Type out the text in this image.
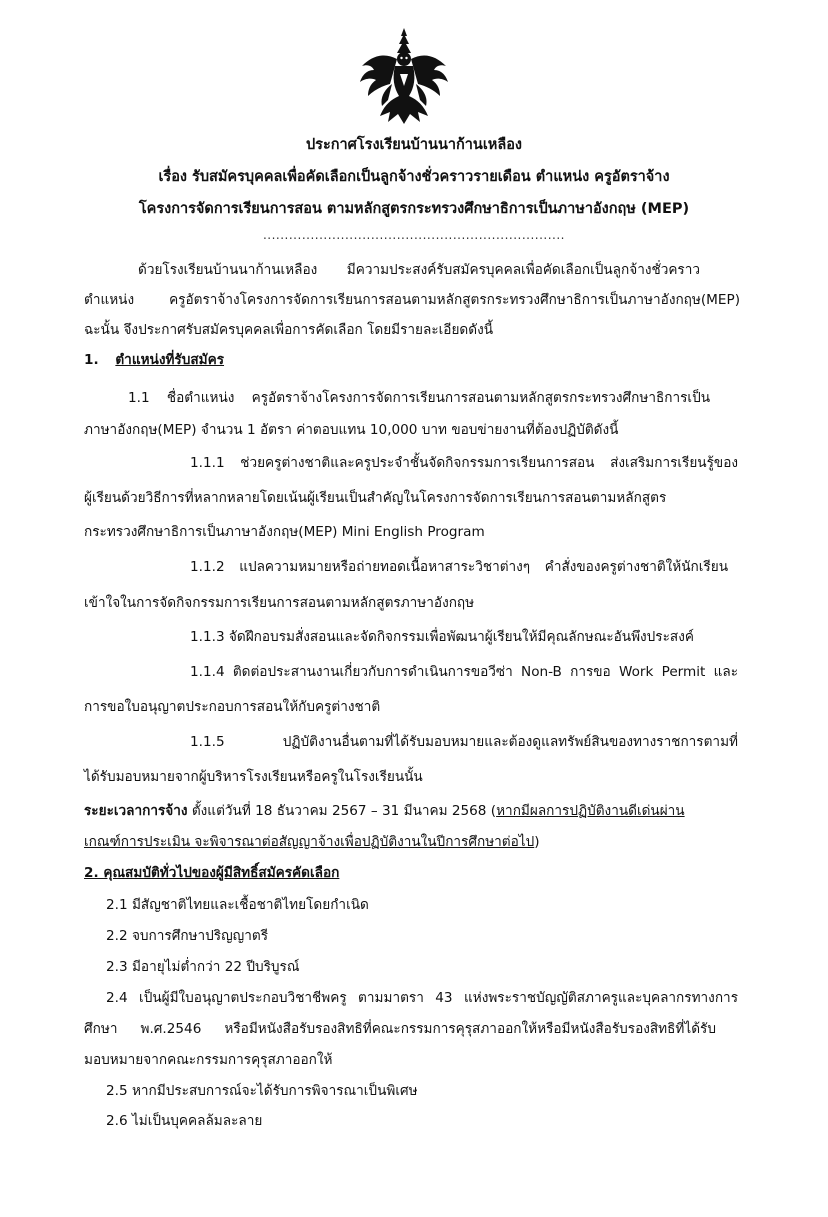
ประกาศโรงเรียนบ้านนาก้านเหลือง
เรื่อง รับสมัครบุคคลเพื่อคัดเลือกเป็นลูกจ้างชั่วคราวรายเดือน ตำแหน่ง ครูอัตราจ้าง
โครงการจัดการเรียนการสอน ตามหลักสูตรกระทรวงศึกษาธิการเป็นภาษาอังกฤษ (MEP)
......................................................................
ด้วยโรงเรียนบ้านนาก้านเหลือง มีความประสงค์รับสมัครบุคคลเพื่อคัดเลือกเป็นลูกจ้างชั่วคราว
ตำแหน่ง ครูอัตราจ้างโครงการจัดการเรียนการสอนตามหลักสูตรกระทรวงศึกษาธิการเป็นภาษาอังกฤษ(MEP)
ฉะนั้น จึงประกาศรับสมัครบุคคลเพื่อการคัดเลือก โดยมีรายละเอียดดังนี้
1. ตำแหน่งที่รับสมัคร
1.1 ชื่อตำแหน่ง ครูอัตราจ้างโครงการจัดการเรียนการสอนตามหลักสูตรกระทรวงศึกษาธิการเป็น
ภาษาอังกฤษ(MEP) จำนวน 1 อัตรา ค่าตอบแทน 10,000 บาท ขอบข่ายงานที่ต้องปฏิบัติดังนี้
1.1.1 ช่วยครูต่างชาติและครูประจำชั้นจัดกิจกรรมการเรียนการสอน ส่งเสริมการเรียนรู้ของ
ผู้เรียนด้วยวิธีการที่หลากหลายโดยเน้นผู้เรียนเป็นสำคัญในโครงการจัดการเรียนการสอนตามหลักสูตร
กระทรวงศึกษาธิการเป็นภาษาอังกฤษ(MEP) Mini English Program
1.1.2 แปลความหมายหรือถ่ายทอดเนื้อหาสาระวิชาต่างๆ คำสั่งของครูต่างชาติให้นักเรียน
เข้าใจในการจัดกิจกรรมการเรียนการสอนตามหลักสูตรภาษาอังกฤษ
1.1.3 จัดฝึกอบรมสั่งสอนและจัดกิจกรรมเพื่อพัฒนาผู้เรียนให้มีคุณลักษณะอันพึงประสงค์
1.1.4 ติดต่อประสานงานเกี่ยวกับการดำเนินการขอวีซ่า Non-B การขอ Work Permit และ
การขอใบอนุญาตประกอบการสอนให้กับครูต่างชาติ
1.1.5 ปฏิบัติงานอื่นตามที่ได้รับมอบหมายและต้องดูแลทรัพย์สินของทางราชการตามที่
ได้รับมอบหมายจากผู้บริหารโรงเรียนหรือครูในโรงเรียนนั้น
ระยะเวลาการจ้าง ตั้งแต่วันที่ 18 ธันวาคม 2567 – 31 มีนาคม 2568 (หากมีผลการปฏิบัติงานดีเด่นผ่าน
เกณฑ์การประเมิน จะพิจารณาต่อสัญญาจ้างเพื่อปฏิบัติงานในปีการศึกษาต่อไป)
2. คุณสมบัติทั่วไปของผู้มีสิทธิ์สมัครคัดเลือก
2.1 มีสัญชาติไทยและเชื้อชาติไทยโดยกำเนิด
2.2 จบการศึกษาปริญญาตรี
2.3 มีอายุไม่ต่ำกว่า 22 ปีบริบูรณ์
2.4 เป็นผู้มีใบอนุญาตประกอบวิชาชีพครู ตามมาตรา 43 แห่งพระราชบัญญัติสภาครูและบุคลากรทางการ
ศึกษา พ.ศ.2546 หรือมีหนังสือรับรองสิทธิที่คณะกรรมการคุรุสภาออกให้หรือมีหนังสือรับรองสิทธิที่ได้รับ
มอบหมายจากคณะกรรมการคุรุสภาออกให้
2.5 หากมีประสบการณ์จะได้รับการพิจารณาเป็นพิเศษ
2.6 ไม่เป็นบุคคลล้มละลาย
